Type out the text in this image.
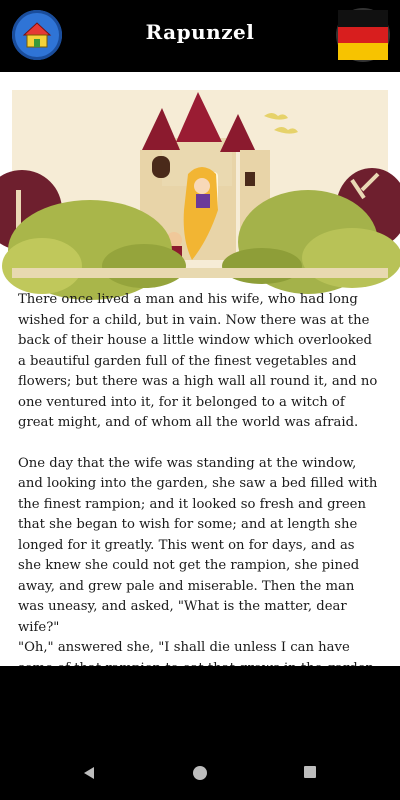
Rapunzel

There once lived a man and his wife, who had long wished for a child, but in vain. Now there was at the back of their house a little window which overlooked a beautiful garden full of the finest vegetables and flowers; but there was a high wall all round it, and no one ventured into it, for it belonged to a witch of great might, and of whom all the world was afraid.

One day that the wife was standing at the window, and looking into the garden, she saw a bed filled with the finest rampion; and it looked so fresh and green that she began to wish for some; and at length she longed for it greatly. This went on for days, and as she knew she could not get the rampion, she pined away, and grew pale and miserable. Then the man was uneasy, and asked, "What is the matter, dear wife?"
"Oh," answered she, "I shall die unless I can have
